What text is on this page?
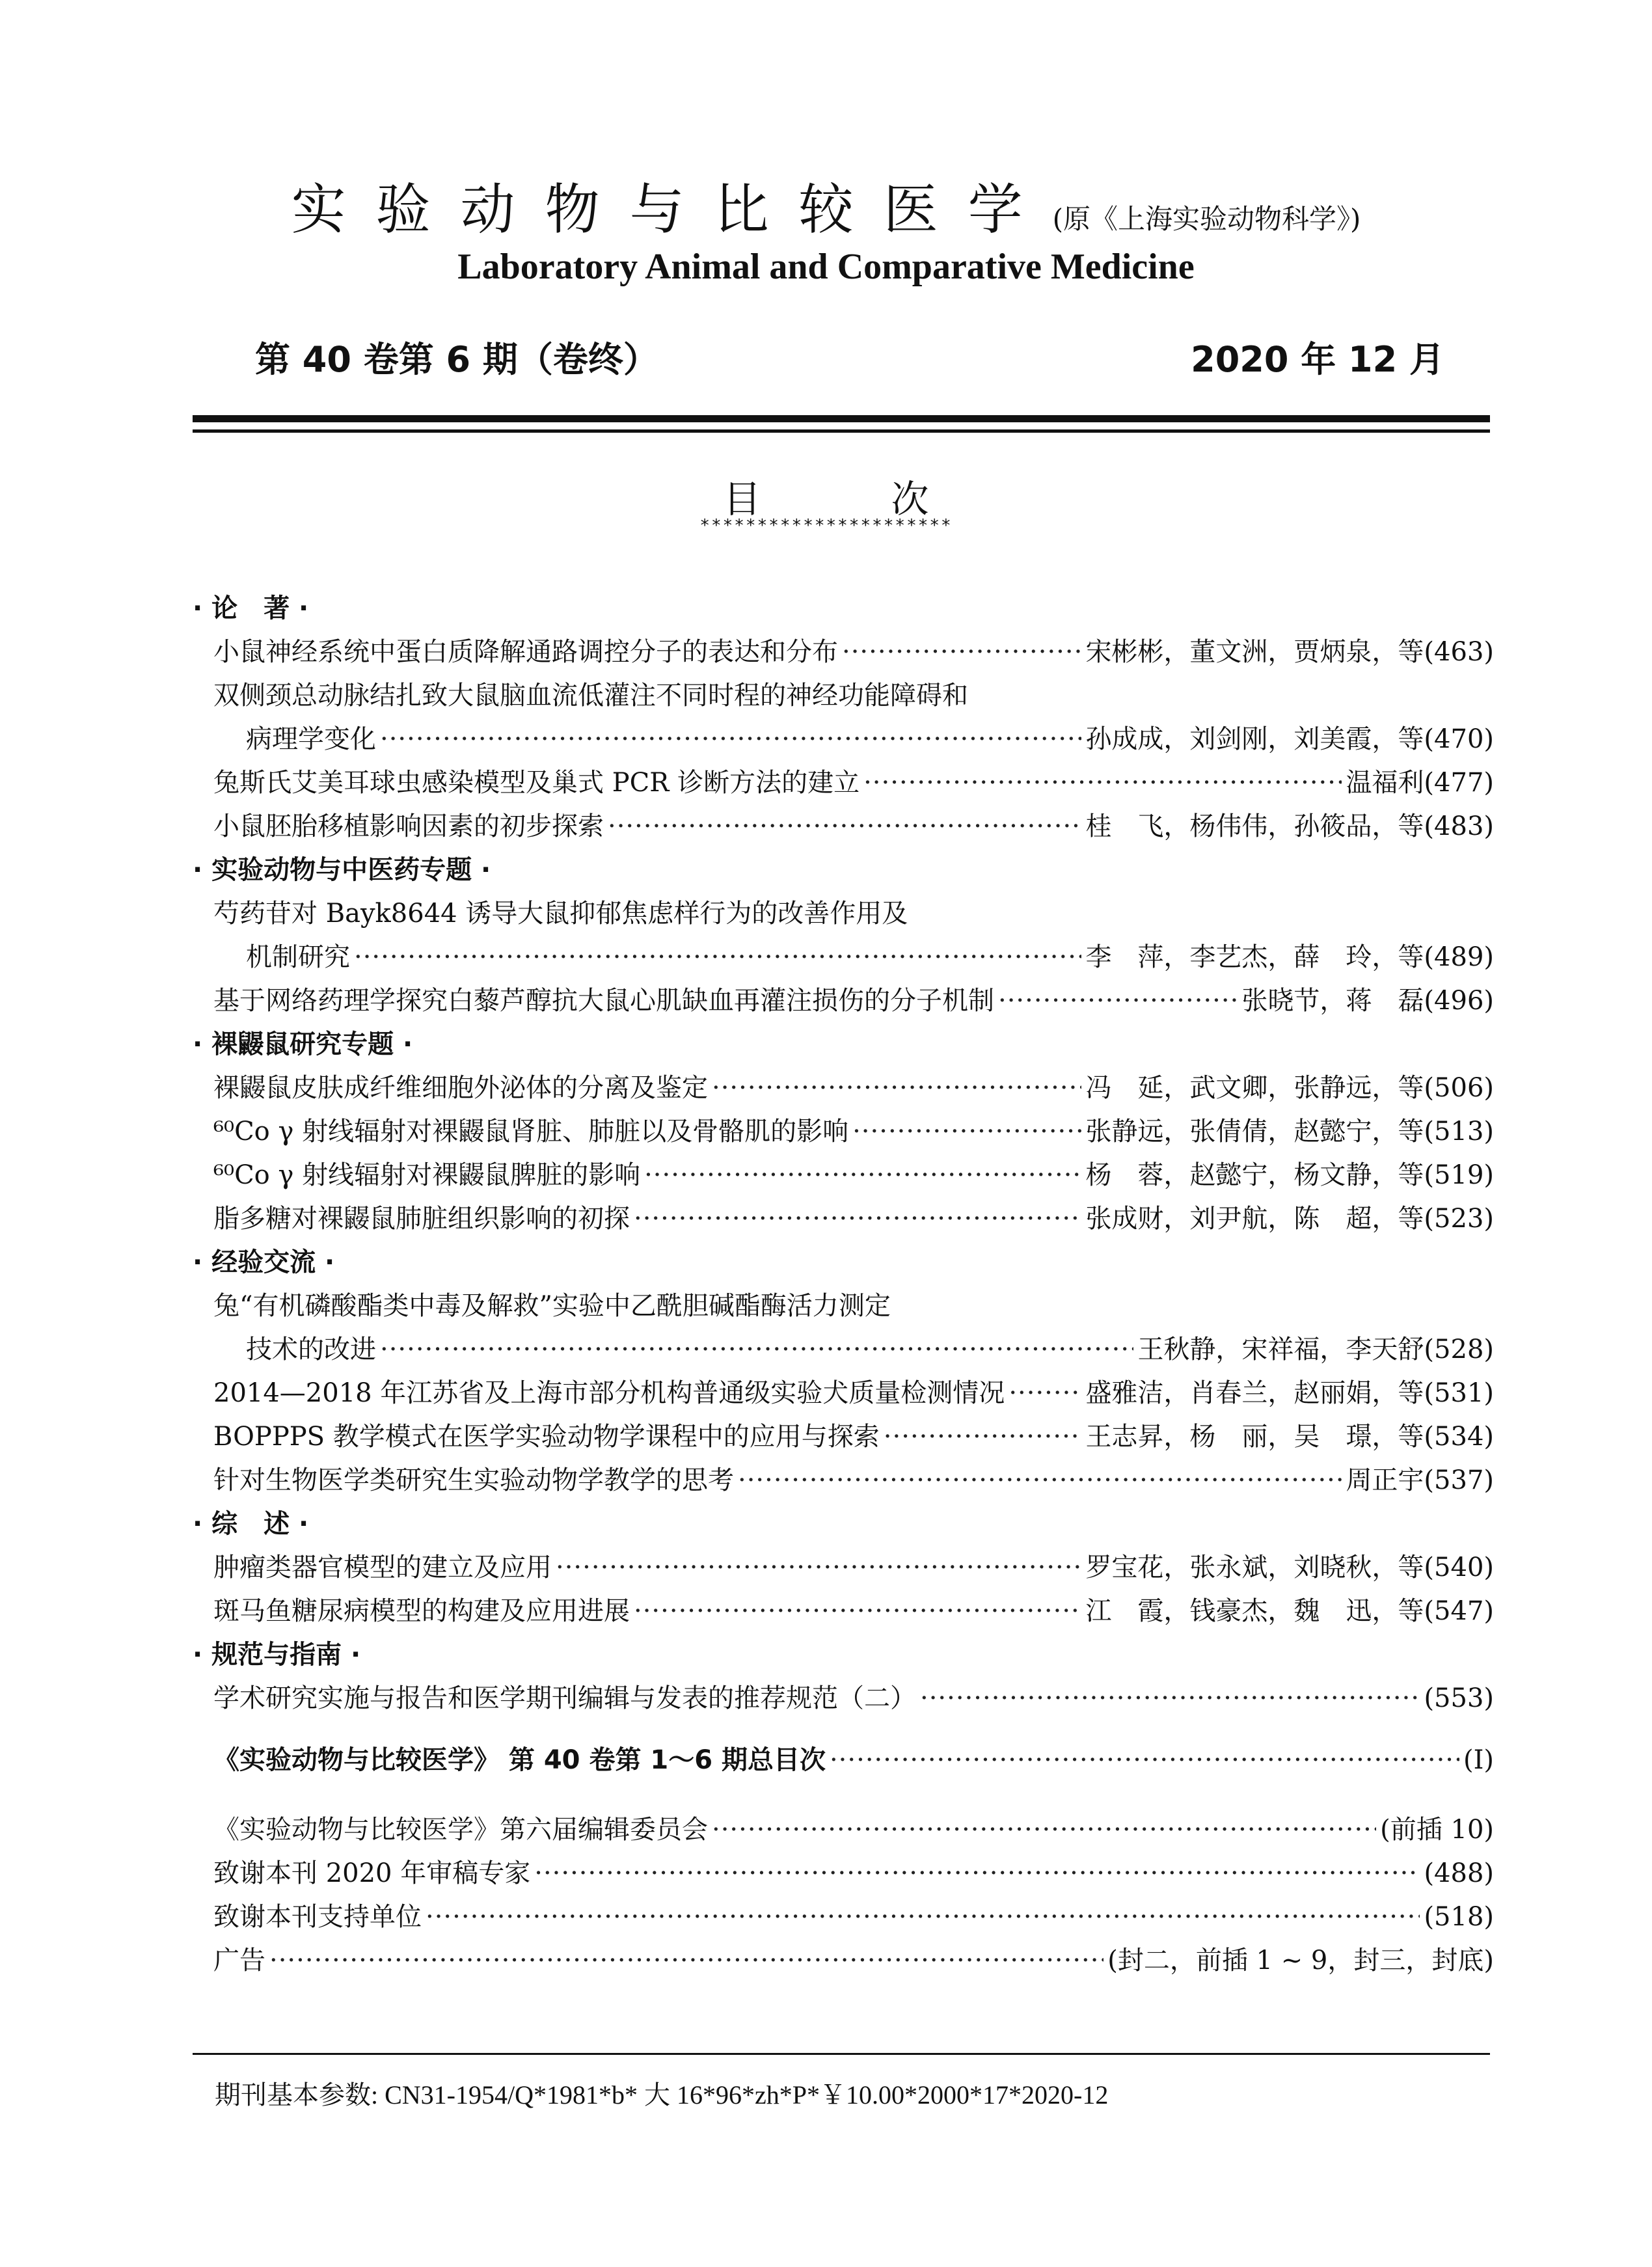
实验动物与比较医学(原《上海实验动物科学》)
Laboratory Animal and Comparative Medicine
第 40 卷第 6 期（卷终）	2020 年 12 月
目次
**********************
· 论　著 ·
小鼠神经系统中蛋白质降解通路调控分子的表达和分布 ·····	宋彬彬，董文洲，贾炳泉，等(463)
双侧颈总动脉结扎致大鼠脑血流低灌注不同时程的神经功能障碍和
病理学变化 ·····	孙成成，刘剑刚，刘美霞，等(470)
兔斯氏艾美耳球虫感染模型及巢式 PCR 诊断方法的建立 ·····	温福利(477)
小鼠胚胎移植影响因素的初步探索 ·····	桂　飞，杨伟伟，孙筱品，等(483)
· 实验动物与中医药专题 ·
芍药苷对 Bayk8644 诱导大鼠抑郁焦虑样行为的改善作用及
机制研究 ·····	李　萍，李艺杰，薛　玲，等(489)
基于网络药理学探究白藜芦醇抗大鼠心肌缺血再灌注损伤的分子机制 ·····	张晓节，蒋　磊(496)
· 裸鼹鼠研究专题 ·
裸鼹鼠皮肤成纤维细胞外泌体的分离及鉴定 ·····	冯　延，武文卿，张静远，等(506)
⁶⁰Co γ 射线辐射对裸鼹鼠肾脏、肺脏以及骨骼肌的影响 ·····	张静远，张倩倩，赵懿宁，等(513)
⁶⁰Co γ 射线辐射对裸鼹鼠脾脏的影响 ·····	杨　蓉，赵懿宁，杨文静，等(519)
脂多糖对裸鼹鼠肺脏组织影响的初探 ·····	张成财，刘尹航，陈　超，等(523)
· 经验交流 ·
兔“有机磷酸酯类中毒及解救”实验中乙酰胆碱酯酶活力测定
技术的改进 ·····	王秋静，宋祥福，李天舒(528)
2014—2018 年江苏省及上海市部分机构普通级实验犬质量检测情况 ·····	盛雅洁，肖春兰，赵丽娟，等(531)
BOPPPS 教学模式在医学实验动物学课程中的应用与探索 ·····	王志昇，杨　丽，吴　璟，等(534)
针对生物医学类研究生实验动物学教学的思考 ·····	周正宇(537)
· 综　述 ·
肿瘤类器官模型的建立及应用 ·····	罗宝花，张永斌，刘晓秋，等(540)
斑马鱼糖尿病模型的构建及应用进展 ·····	江　霞，钱豪杰，魏　迅，等(547)
· 规范与指南 ·
学术研究实施与报告和医学期刊编辑与发表的推荐规范（二） ·····	(553)
《实验动物与比较医学》 第 40 卷第 1～6 期总目次 ·····	(Ⅰ)
《实验动物与比较医学》第六届编辑委员会 ·····	(前插 10)
致谢本刊 2020 年审稿专家 ·····	(488)
致谢本刊支持单位 ·····	(518)
广告 ·····	(封二，前插 1 ~ 9，封三，封底)
期刊基本参数: CN31-1954/Q*1981*b* 大 16*96*zh*P*￥10.00*2000*17*2020-12
